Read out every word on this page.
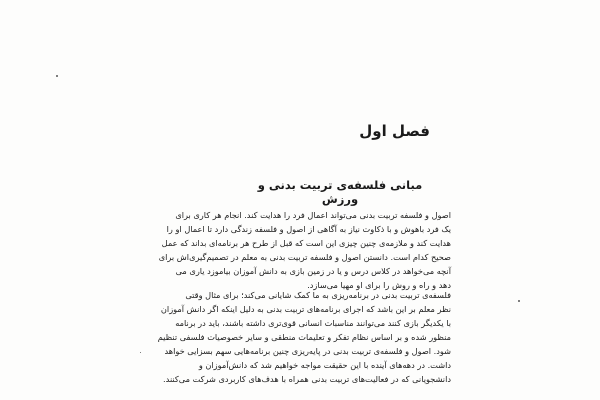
فصل اول
مبانی فلسفه‌ی تربیت بدنی و ورزش
اصول و فلسفه تربیت بدنی می‌تواند اعمال فرد را هدایت کند. انجام هر کاری برای
یک فرد باهوش و با ذکاوت نیاز به آگاهی از اصول و فلسفه زندگی دارد تا اعمال او را
هدایت کند و ملازمه‌ی چنین چیزی این است که قبل از طرح هر برنامه‌ای بداند که عمل
صحیح کدام است. دانستن اصول و فلسفه تربیت بدنی به معلم در تصمیم‌گیری‌اش برای
آنچه می‌خواهد در کلاس درس و یا در زمین بازی به دانش آموزان بیاموزد یاری می‌
دهد و راه و روش را برای او مهیا می‌سازد.
فلسفه‌ی تربیت بدنی در برنامه‌ریزی به ما کمک شایانی می‌کند؛ برای مثال وقتی
نظر معلم بر این باشد که اجرای برنامه‌های تربیت بدنی به دلیل اینکه اگر دانش آموزان
با یکدیگر بازی کنند می‌توانند مناسبات انسانی قوی‌تری داشته باشند، باید در برنامه
منظور شده و بر اساس نظام تفکر و تعلیمات منطقی و سایر خصوصیات فلسفی تنظیم
شود. اصول و فلسفه‌ی تربیت بدنی در پایه‌ریزی چنین برنامه‌هایی سهم بسزایی خواهد
داشت. در دهه‌های آینده با این حقیقت مواجه خواهیم شد که دانش‌آموزان و
دانشجویانی که در فعالیت‌های تربیت بدنی همراه با هدف‌های کاربردی شرکت می‌کنند.
